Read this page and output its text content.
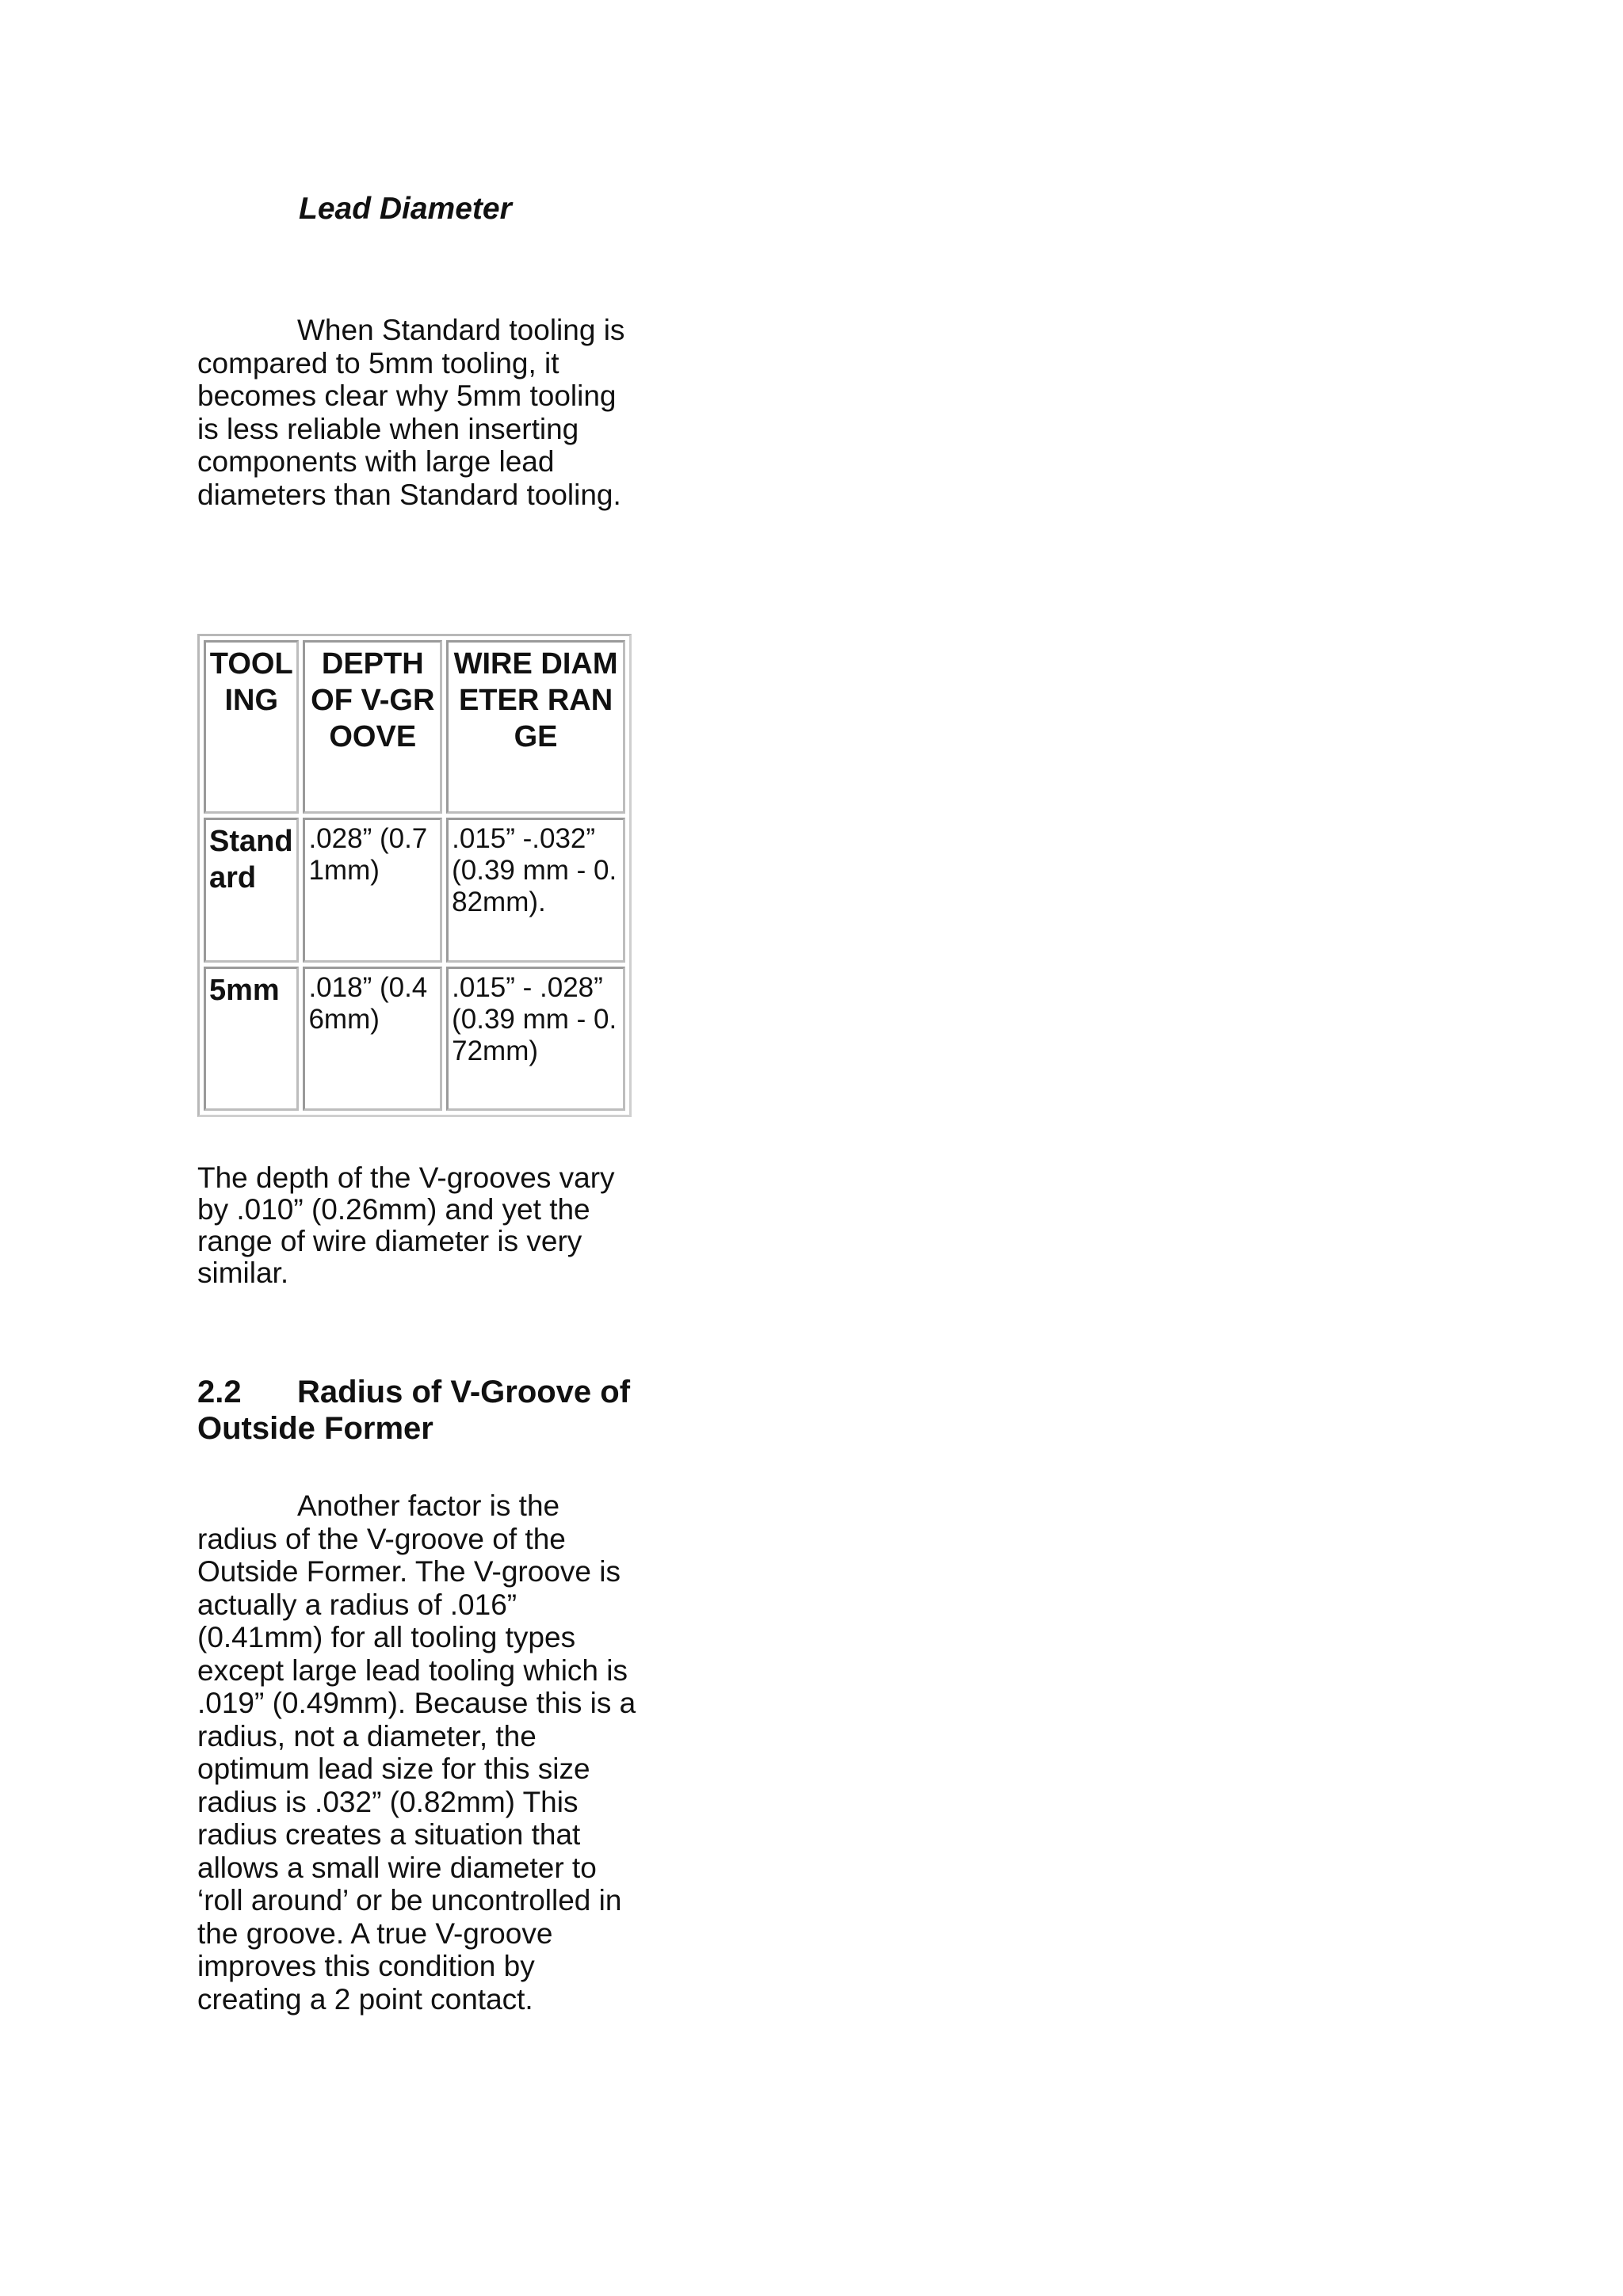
Lead Diameter

When Standard tooling is compared to 5mm tooling, it becomes clear why 5mm tooling is less reliable when inserting components with large lead diameters than Standard tooling.

TOOLING	DEPTH OF V-GROOVE	WIRE DIAMETER RANGE
Standard	.028” (0.71mm)	.015” -.032” (0.39 mm - 0.82mm).
5mm	.018” (0.46mm)	.015” - .028” (0.39 mm - 0.72mm)

The depth of the V-grooves vary by .010” (0.26mm) and yet the range of wire diameter is very similar.

2.2 Radius of V-Groove of Outside Former

Another factor is the radius of the V-groove of the Outside Former. The V-groove is actually a radius of .016” (0.41mm) for all tooling types except large lead tooling which is .019” (0.49mm). Because this is a radius, not a diameter, the optimum lead size for this size radius is .032” (0.82mm) This radius creates a situation that allows a small wire diameter to ‘roll around’ or be uncontrolled in the groove. A true V-groove improves this condition by creating a 2 point contact.
